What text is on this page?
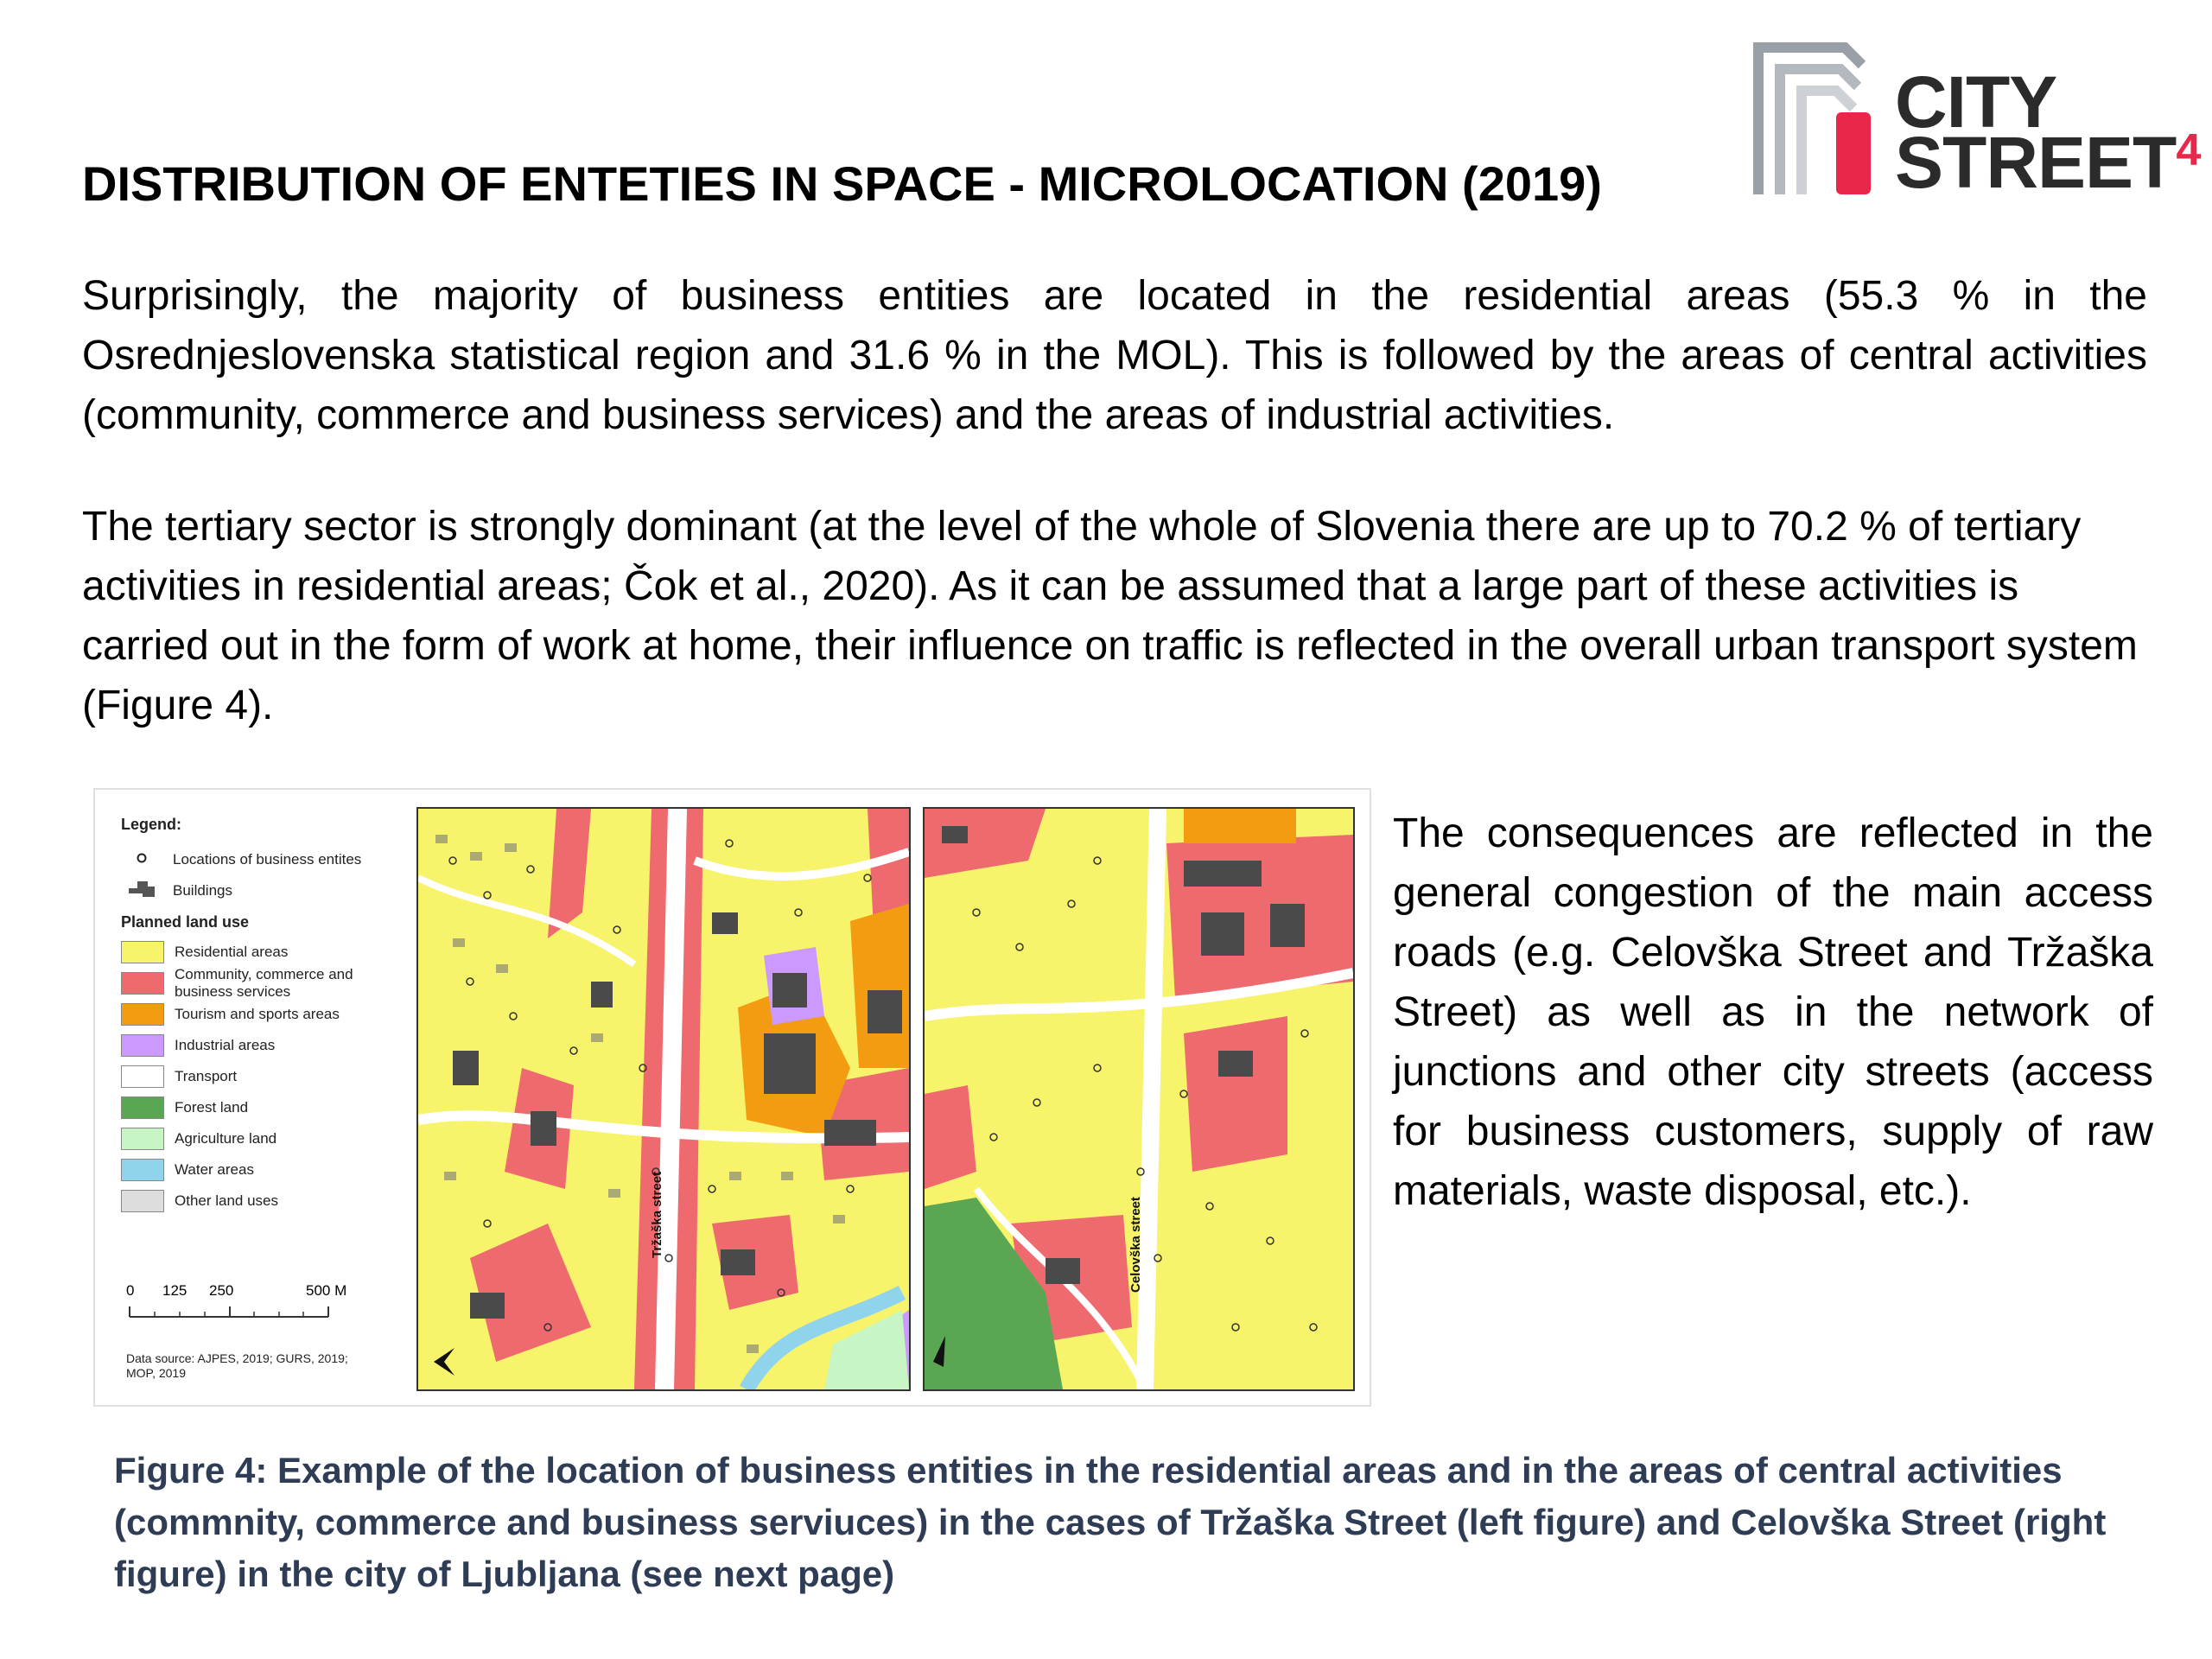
CITY
STREET$^4$
DISTRIBUTION OF ENTETIES IN SPACE - MICROLOCATION (2019)

Surprisingly, the majority of business entities are located in the residential areas (55.3 % in the Osrednjeslovenska statistical region and 31.6 % in the MOL). This is followed by the areas of central activities (community, commerce and business services) and the areas of industrial activities.

The tertiary sector is strongly dominant (at the level of the whole of Slovenia there are up to 70.2 % of tertiary activities in residential areas; Čok et al., 2020). As it can be assumed that a large part of these activities is carried out in the form of work at home, their influence on traffic is reflected in the overall urban transport system (Figure 4).

Legend:
Locations of business entites
Buildings
Planned land use
Residential areas
Community, commerce and business services
Tourism and sports areas
Industrial areas
Transport
Forest land
Agriculture land
Water areas
Other land uses
0 125 250	500 M
Data source: AJPES, 2019; GURS, 2019; MOP, 2019
Tržaška street	Celovška street

The consequences are reflected in the general congestion of the main access roads (e.g. Celovška Street and Tržaška Street) as well as in the network of junctions and other city streets (access for business customers, supply of raw materials, waste disposal, etc.).

Figure 4: Example of the location of business entities in the residential areas and in the areas of central activities (commnity, commerce and business serviuces) in the cases of Tržaška Street (left figure) and Celovška Street (right figure) in the city of Ljubljana (see next page)
